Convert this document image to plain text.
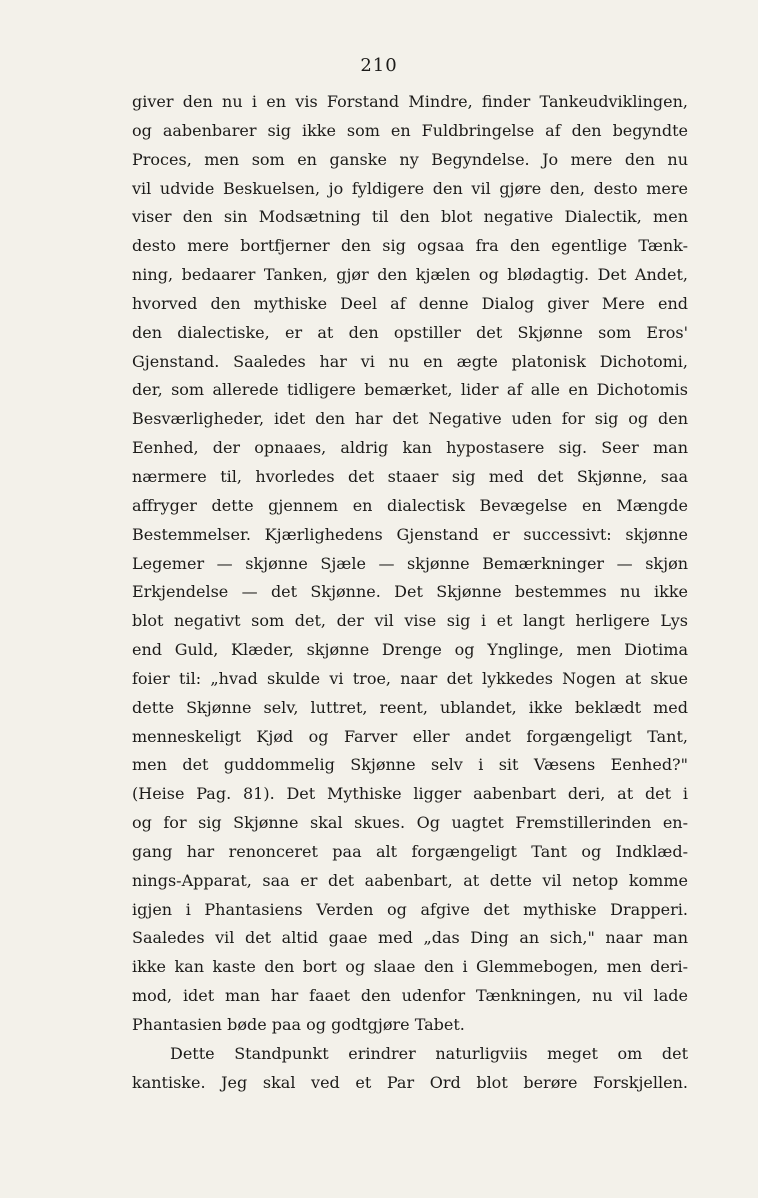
210
giver den nu i en vis Forstand Mindre, finder Tankeudviklingen,
og aabenbarer sig ikke som en Fuldbringelse af den begyndte
Proces, men som en ganske ny Begyndelse. Jo mere den nu
vil udvide Beskuelsen, jo fyldigere den vil gjøre den, desto mere
viser den sin Modsætning til den blot negative Dialectik, men
desto mere bortfjerner den sig ogsaa fra den egentlige Tænk-
ning, bedaarer Tanken, gjør den kjælen og blødagtig. Det Andet,
hvorved den mythiske Deel af denne Dialog giver Mere end
den dialectiske, er at den opstiller det Skjønne som Eros'
Gjenstand. Saaledes har vi nu en ægte platonisk Dichotomi,
der, som allerede tidligere bemærket, lider af alle en Dichotomis
Besværligheder, idet den har det Negative uden for sig og den
Eenhed, der opnaaes, aldrig kan hypostasere sig. Seer man
nærmere til, hvorledes det staaer sig med det Skjønne, saa
affryger dette gjennem en dialectisk Bevægelse en Mængde
Bestemmelser. Kjærlighedens Gjenstand er successivt: skjønne
Legemer — skjønne Sjæle — skjønne Bemærkninger — skjøn
Erkjendelse — det Skjønne. Det Skjønne bestemmes nu ikke
blot negativt som det, der vil vise sig i et langt herligere Lys
end Guld, Klæder, skjønne Drenge og Ynglinge, men Diotima
foier til: „hvad skulde vi troe, naar det lykkedes Nogen at skue
dette Skjønne selv, luttret, reent, ublandet, ikke beklædt med
menneskeligt Kjød og Farver eller andet forgængeligt Tant,
men det guddommelig Skjønne selv i sit Væsens Eenhed?"
(Heise Pag. 81). Det Mythiske ligger aabenbart deri, at det i
og for sig Skjønne skal skues. Og uagtet Fremstillerinden en-
gang har renonceret paa alt forgængeligt Tant og Indklæd-
nings-Apparat, saa er det aabenbart, at dette vil netop komme
igjen i Phantasiens Verden og afgive det mythiske Drapperi.
Saaledes vil det altid gaae med „das Ding an sich," naar man
ikke kan kaste den bort og slaae den i Glemmebogen, men deri-
mod, idet man har faaet den udenfor Tænkningen, nu vil lade
Phantasien bøde paa og godtgjøre Tabet.
Dette Standpunkt erindrer naturligviis meget om det
kantiske. Jeg skal ved et Par Ord blot berøre Forskjellen.
